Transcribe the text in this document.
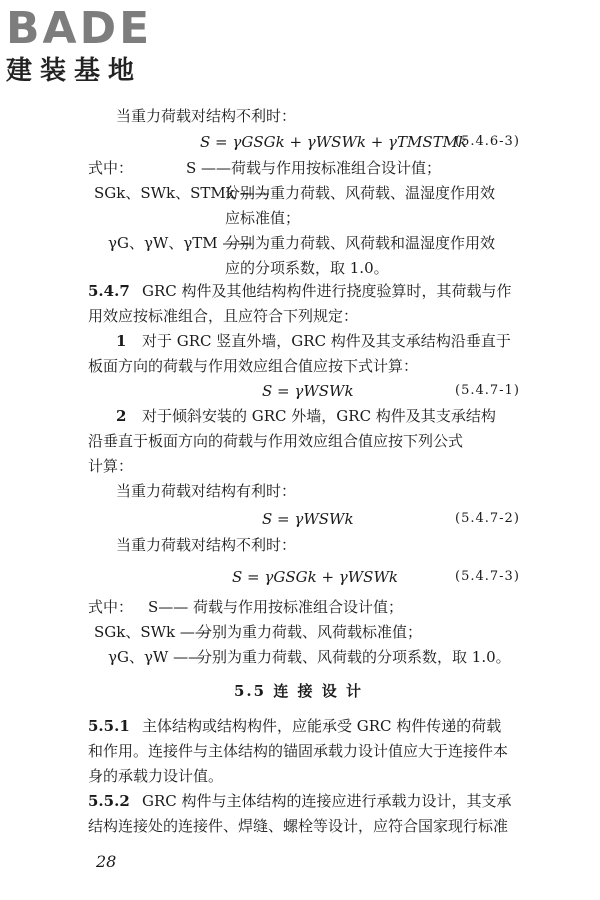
BADE
建装基地
当重力荷载对结构不利时：
S = γGSGk + γWSWk + γTMSTMk
(5.4.6-3)
式中：	S ——荷载与作用按标准组合设计值；
SGk、SWk、STMk ——
分别为重力荷载、风荷载、温湿度作用效
应标准值；
γG、γW、γTM ——
分别为重力荷载、风荷载和温湿度作用效
应的分项系数，取 1.0。
5.4.7 GRC 构件及其他结构构件进行挠度验算时，其荷载与作
用效应按标准组合，且应符合下列规定：
1 对于 GRC 竖直外墙，GRC 构件及其支承结构沿垂直于
板面方向的荷载与作用效应组合值应按下式计算：
S = γWSWk	(5.4.7-1)
2 对于倾斜安装的 GRC 外墙，GRC 构件及其支承结构
沿垂直于板面方向的荷载与作用效应组合值应按下列公式
计算：
当重力荷载对结构有利时：
S = γWSWk	(5.4.7-2)
当重力荷载对结构不利时：
S = γGSGk + γWSWk	(5.4.7-3)
式中： S—— 荷载与作用按标准组合设计值；
SGk、SWk ——
分别为重力荷载、风荷载标准值；
γG、γW ——
分别为重力荷载、风荷载的分项系数，取 1.0。
5.5 连 接 设 计
5.5.1 主体结构或结构构件，应能承受 GRC 构件传递的荷载
和作用。连接件与主体结构的锚固承载力设计值应大于连接件本
身的承载力设计值。
5.5.2 GRC 构件与主体结构的连接应进行承载力设计，其支承
结构连接处的连接件、焊缝、螺栓等设计，应符合国家现行标准
28
